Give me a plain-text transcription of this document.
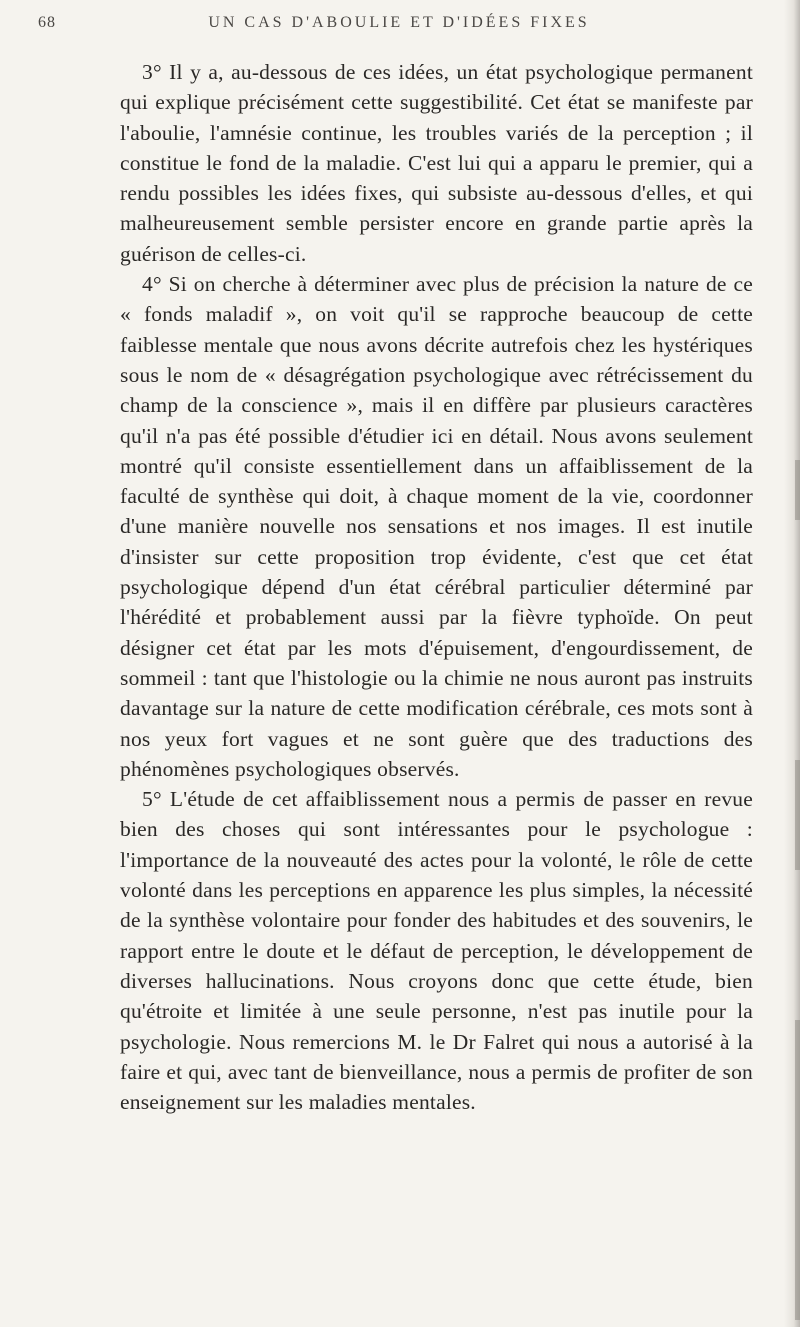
68	UN CAS D'ABOULIE ET D'IDÉES FIXES

3° Il y a, au-dessous de ces idées, un état psychologique permanent qui explique précisément cette suggestibilité. Cet état se manifeste par l'aboulie, l'amnésie continue, les troubles variés de la perception ; il constitue le fond de la maladie. C'est lui qui a apparu le premier, qui a rendu possibles les idées fixes, qui subsiste au-dessous d'elles, et qui malheureusement semble persister encore en grande partie après la guérison de celles-ci.

4° Si on cherche à déterminer avec plus de précision la nature de ce « fonds maladif », on voit qu'il se rapproche beaucoup de cette faiblesse mentale que nous avons décrite autrefois chez les hystériques sous le nom de « désagrégation psychologique avec rétrécissement du champ de la conscience », mais il en diffère par plusieurs caractères qu'il n'a pas été possible d'étudier ici en détail. Nous avons seulement montré qu'il consiste essentiellement dans un affaiblissement de la faculté de synthèse qui doit, à chaque moment de la vie, coordonner d'une manière nouvelle nos sensations et nos images. Il est inutile d'insister sur cette proposition trop évidente, c'est que cet état psychologique dépend d'un état cérébral particulier déterminé par l'hérédité et probablement aussi par la fièvre typhoïde. On peut désigner cet état par les mots d'épuisement, d'engourdissement, de sommeil : tant que l'histologie ou la chimie ne nous auront pas instruits davantage sur la nature de cette modification cérébrale, ces mots sont à nos yeux fort vagues et ne sont guère que des traductions des phénomènes psychologiques observés.

5° L'étude de cet affaiblissement nous a permis de passer en revue bien des choses qui sont intéressantes pour le psychologue : l'importance de la nouveauté des actes pour la volonté, le rôle de cette volonté dans les perceptions en apparence les plus simples, la nécessité de la synthèse volontaire pour fonder des habitudes et des souvenirs, le rapport entre le doute et le défaut de perception, le développement de diverses hallucinations. Nous croyons donc que cette étude, bien qu'étroite et limitée à une seule personne, n'est pas inutile pour la psychologie. Nous remercions M. le Dr Falret qui nous a autorisé à la faire et qui, avec tant de bienveillance, nous a permis de profiter de son enseignement sur les maladies mentales.
